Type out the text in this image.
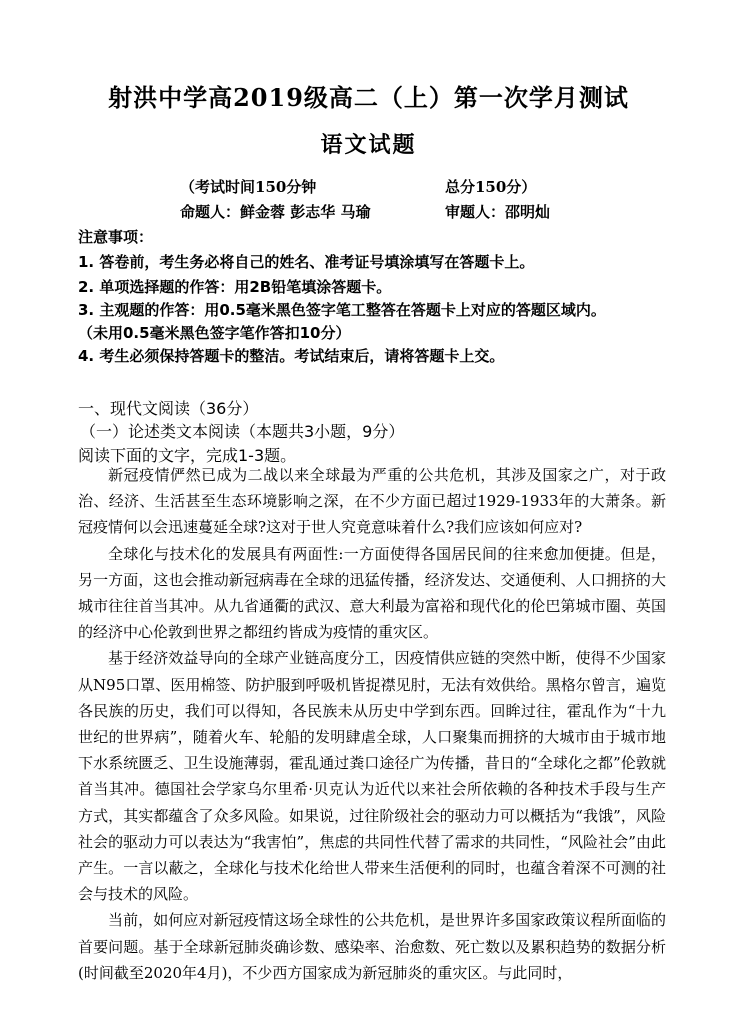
射洪中学高2019级高二（上）第一次学月测试
语文试题
（考试时间150分钟	总分150分）
命题人：鲜金蓉 彭志华 马瑜	审题人：邵明灿
注意事项：
1. 答卷前，考生务必将自己的姓名、准考证号填涂填写在答题卡上。
2. 单项选择题的作答：用2B铅笔填涂答题卡。
3. 主观题的作答：用0.5毫米黑色签字笔工整答在答题卡上对应的答题区域内。
（未用0.5毫米黑色签字笔作答扣10分）
4. 考生必须保持答题卡的整洁。考试结束后，请将答题卡上交。
一、现代文阅读（36分）
（一）论述类文本阅读（本题共3小题，9分）
阅读下面的文字，完成1-3题。

新冠疫情俨然已成为二战以来全球最为严重的公共危机，其涉及国家之广，对于政治、经济、生活甚至生态环境影响之深，在不少方面已超过1929-1933年的大萧条。新冠疫情何以会迅速蔓延全球?这对于世人究竟意味着什么?我们应该如何应对?

全球化与技术化的发展具有两面性:一方面使得各国居民间的往来愈加便捷。但是，另一方面，这也会推动新冠病毒在全球的迅猛传播，经济发达、交通便利、人口拥挤的大城市往往首当其冲。从九省通衢的武汉、意大利最为富裕和现代化的伦巴第城市圈、英国的经济中心伦敦到世界之都纽约皆成为疫情的重灾区。

基于经济效益导向的全球产业链高度分工，因疫情供应链的突然中断，使得不少国家从N95口罩、医用棉签、防护服到呼吸机皆捉襟见肘，无法有效供给。黑格尔曾言，遍览各民族的历史，我们可以得知，各民族未从历史中学到东西。回眸过往，霍乱作为“十九世纪的世界病”，随着火车、轮船的发明肆虐全球，人口聚集而拥挤的大城市由于城市地下水系统匮乏、卫生设施薄弱，霍乱通过粪口途径广为传播，昔日的“全球化之都”伦敦就首当其冲。德国社会学家乌尔里希·贝克认为近代以来社会所依赖的各种技术手段与生产方式，其实都蕴含了众多风险。如果说，过往阶级社会的驱动力可以概括为“我饿”，风险社会的驱动力可以表达为“我害怕”，焦虑的共同性代替了需求的共同性，“风险社会”由此产生。一言以蔽之，全球化与技术化给世人带来生活便利的同时，也蕴含着深不可测的社会与技术的风险。

当前，如何应对新冠疫情这场全球性的公共危机，是世界许多国家政策议程所面临的首要问题。基于全球新冠肺炎确诊数、感染率、治愈数、死亡数以及累积趋势的数据分析(时间截至2020年4月)，不少西方国家成为新冠肺炎的重灾区。与此同时，
